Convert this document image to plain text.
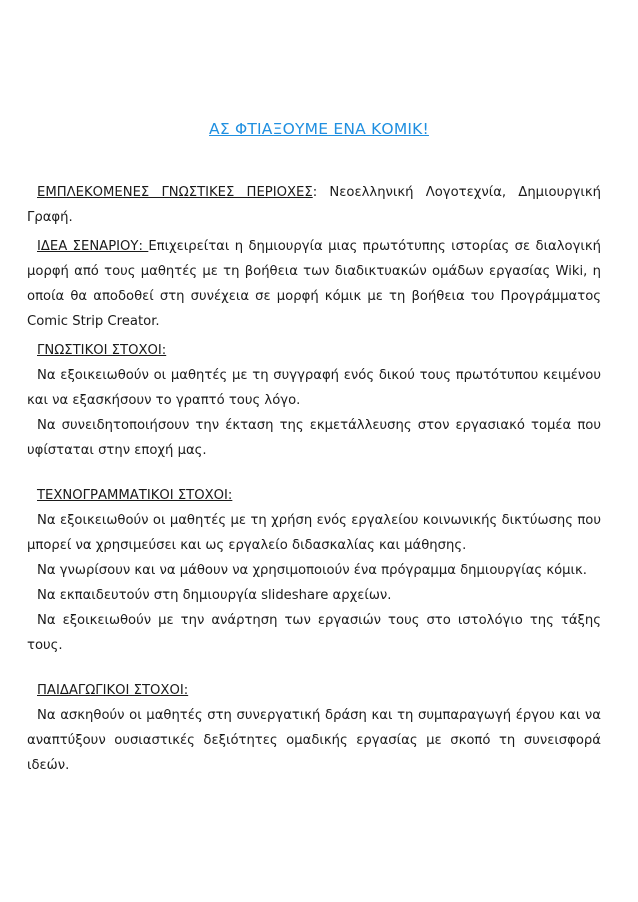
ΑΣ ΦΤΙΑΞΟΥΜΕ ΕΝΑ ΚΟΜΙΚ!

ΕΜΠΛΕΚΟΜΕΝΕΣ ΓΝΩΣΤΙΚΕΣ ΠΕΡΙΟΧΕΣ: Νεοελληνική Λογοτεχνία, Δημιουργική Γραφή.

ΙΔΕΑ ΣΕΝΑΡΙΟΥ: Επιχειρείται η δημιουργία μιας πρωτότυπης ιστορίας σε διαλογική μορφή από τους μαθητές με τη βοήθεια των διαδικτυακών ομάδων εργασίας Wiki, η οποία θα αποδοθεί στη συνέχεια σε μορφή κόμικ με τη βοήθεια του Προγράμματος Comic Strip Creator.

ΓΝΩΣΤΙΚΟΙ ΣΤΟΧΟΙ:

Να εξοικειωθούν οι μαθητές με τη συγγραφή ενός δικού τους πρωτότυπου κειμένου και να εξασκήσουν το γραπτό τους λόγο.

Να συνειδητοποιήσουν την έκταση της εκμετάλλευσης στον εργασιακό τομέα που υφίσταται στην εποχή μας.

ΤΕΧΝΟΓΡΑΜΜΑΤΙΚΟΙ ΣΤΟΧΟΙ:

Να εξοικειωθούν οι μαθητές με τη χρήση ενός εργαλείου κοινωνικής δικτύωσης που μπορεί να χρησιμεύσει και ως εργαλείο διδασκαλίας και μάθησης.

Να γνωρίσουν και να μάθουν να χρησιμοποιούν ένα πρόγραμμα δημιουργίας κόμικ.

Να εκπαιδευτούν στη δημιουργία slideshare αρχείων.

Να εξοικειωθούν με την ανάρτηση των εργασιών τους στο ιστολόγιο της τάξης τους.

ΠΑΙΔΑΓΩΓΙΚΟΙ ΣΤΟΧΟΙ:

Να ασκηθούν οι μαθητές στη συνεργατική δράση και τη συμπαραγωγή έργου και να αναπτύξουν ουσιαστικές δεξιότητες ομαδικής εργασίας με σκοπό τη συνεισφορά ιδεών.
